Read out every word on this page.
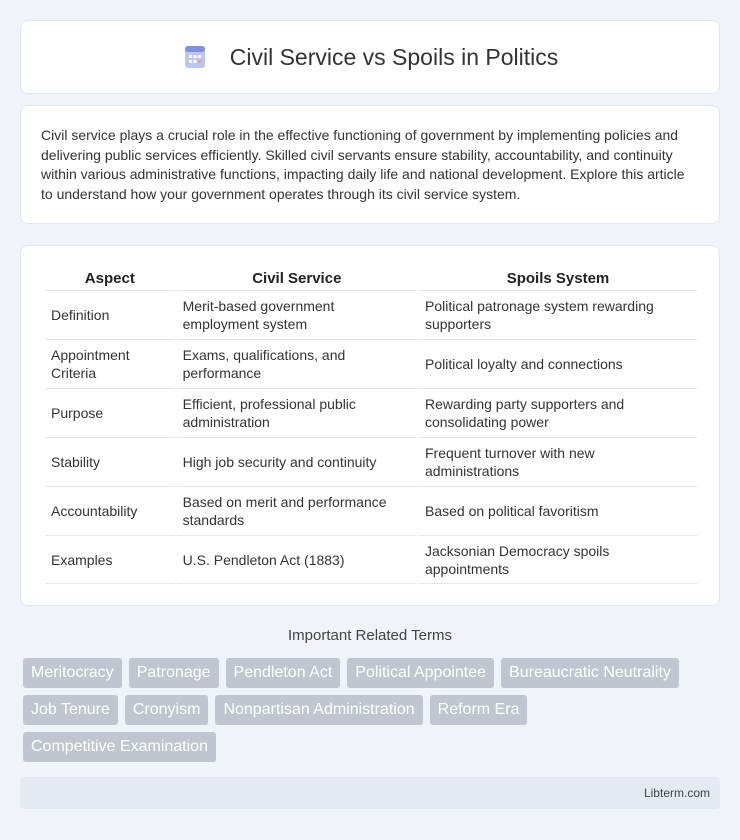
Civil Service vs Spoils in Politics

Civil service plays a crucial role in the effective functioning of government by implementing policies and delivering public services efficiently. Skilled civil servants ensure stability, accountability, and continuity within various administrative functions, impacting daily life and national development. Explore this article to understand how your government operates through its civil service system.

Aspect	Civil Service	Spoils System
Definition	Merit-based government employment system	Political patronage system rewarding supporters
Appointment Criteria	Exams, qualifications, and performance	Political loyalty and connections
Purpose	Efficient, professional public administration	Rewarding party supporters and consolidating power
Stability	High job security and continuity	Frequent turnover with new administrations
Accountability	Based on merit and performance standards	Based on political favoritism
Examples	U.S. Pendleton Act (1883)	Jacksonian Democracy spoils appointments
Important Related Terms
Meritocracy	Patronage	Pendleton Act	Political Appointee	Bureaucratic Neutrality
Job Tenure	Cronyism	Nonpartisan Administration	Reform Era
Competitive Examination
Libterm.com
